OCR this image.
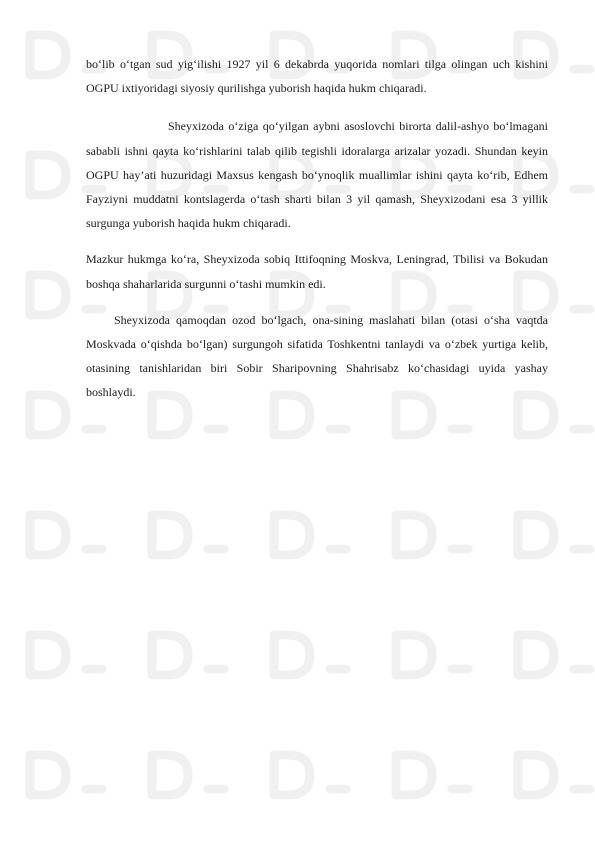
bo‘lib o‘tgan sud yig‘ilishi 1927 yil 6 dekabrda yuqorida nomlari tilga olingan uch kishini OGPU ixtiyoridagi siyosiy qurilishga yuborish haqida hukm chiqaradi.

Sheyxizoda o‘ziga qo‘yilgan aybni asoslovchi birorta dalil-ashyo bo‘lmagani sababli ishni qayta ko‘rishlarini talab qilib tegishli idoralarga arizalar yozadi. Shundan keyin OGPU hay’ati huzuridagi Maxsus kengash bo‘ynoqlik muallimlar ishini qayta ko‘rib, Edhem Fayziyni muddatni kontslagerda o‘tash sharti bilan 3 yil qamash, Sheyxizodani esa 3 yillik surgunga yuborish haqida hukm chiqaradi.

Mazkur hukmga ko‘ra, Sheyxizoda sobiq Ittifoqning Moskva, Leningrad, Tbilisi va Bokudan boshqa shaharlarida surgunni o‘tashi mumkin edi.

Sheyxizoda qamoqdan ozod bo‘lgach, ona-sining maslahati bilan (otasi o‘sha vaqtda Moskvada o‘qishda bo‘lgan) surgungoh sifatida Toshkentni tanlaydi va o‘zbek yurtiga kelib, otasining tanishlaridan biri Sobir Sharipovning Shahrisabz ko‘chasidagi uyida yashay boshlaydi.
